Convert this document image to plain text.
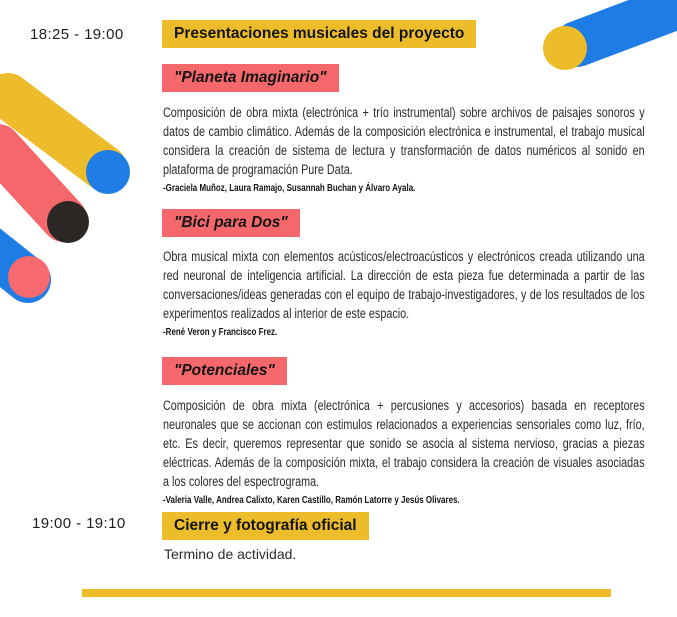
18:25 - 19:00	Presentaciones musicales del proyecto
"Planeta Imaginario"
Composición de obra mixta (electrónica + trío instrumental) sobre archivos de paisajes sonoros y datos de cambio climático. Además de la composición electrónica e instrumental, el trabajo musical considera la creación de sistema de lectura y transformación de datos numéricos al sonido en plataforma de programación Pure Data.
-Graciela Muñoz, Laura Ramajo, Susannah Buchan y Álvaro Ayala.
"Bici para Dos"
Obra musical mixta con elementos acústicos/electroacústicos y electrónicos creada utilizando una red neuronal de inteligencia artificial. La dirección de esta pieza fue determinada a partir de las conversaciones/ideas generadas con el equipo de trabajo-investigadores, y de los resultados de los experimentos realizados al interior de este espacio.
-René Veron y Francisco Frez.
"Potenciales"
Composición de obra mixta (electrónica + percusiones y accesorios) basada en receptores neuronales que se accionan con estimulos relacionados a experiencias sensoriales como luz, frío, etc. Es decir, queremos representar que sonido se asocia al sistema nervioso, gracias a piezas eléctricas. Además de la composición mixta, el trabajo considera la creación de visuales asociadas a los colores del espectrograma.
-Valeria Valle, Andrea Calixto, Karen Castillo, Ramón Latorre y Jesús Olivares.
19:00 - 19:10	Cierre y fotografía oficial
Termino de actividad.
